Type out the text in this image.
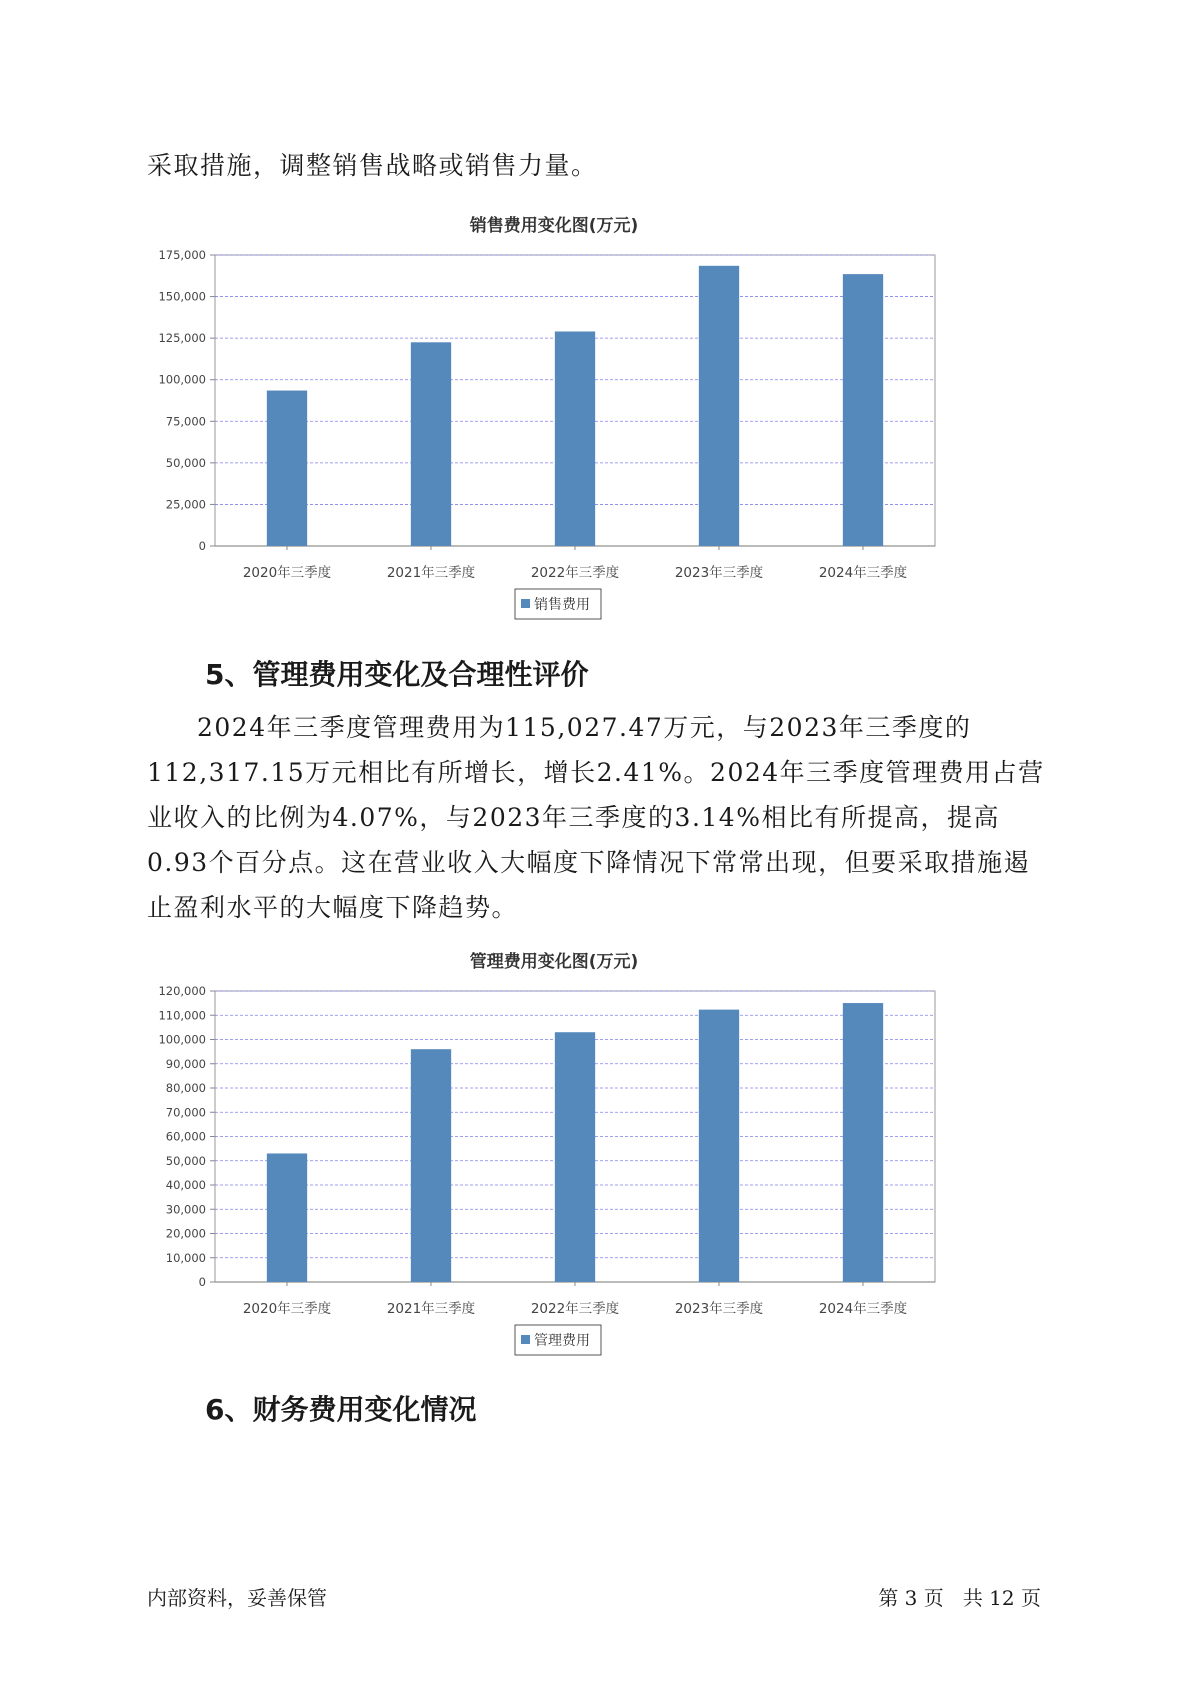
采取措施，调整销售战略或销售力量。

销售费用变化图(万元)
0
25,000
50,000
75,000
100,000
125,000
150,000
175,000
2020年三季度	2021年三季度	2022年三季度	2023年三季度	2024年三季度
销售费用
5、管理费用变化及合理性评价

2024年三季度管理费用为115,027.47万元，与2023年三季度的112,317.15万元相比有所增长，增长2.41%。2024年三季度管理费用占营业收入的比例为4.07%，与2023年三季度的3.14%相比有所提高，提高0.93个百分点。这在营业收入大幅度下降情况下常常出现，但要采取措施遏止盈利水平的大幅度下降趋势。

管理费用变化图(万元)
0
10,000
20,000
30,000
40,000
50,000
60,000
70,000
80,000
90,000
100,000
110,000
120,000
2020年三季度	2021年三季度	2022年三季度	2023年三季度	2024年三季度
管理费用
6、财务费用变化情况
内部资料，妥善保管	第 3 页   共 12 页
